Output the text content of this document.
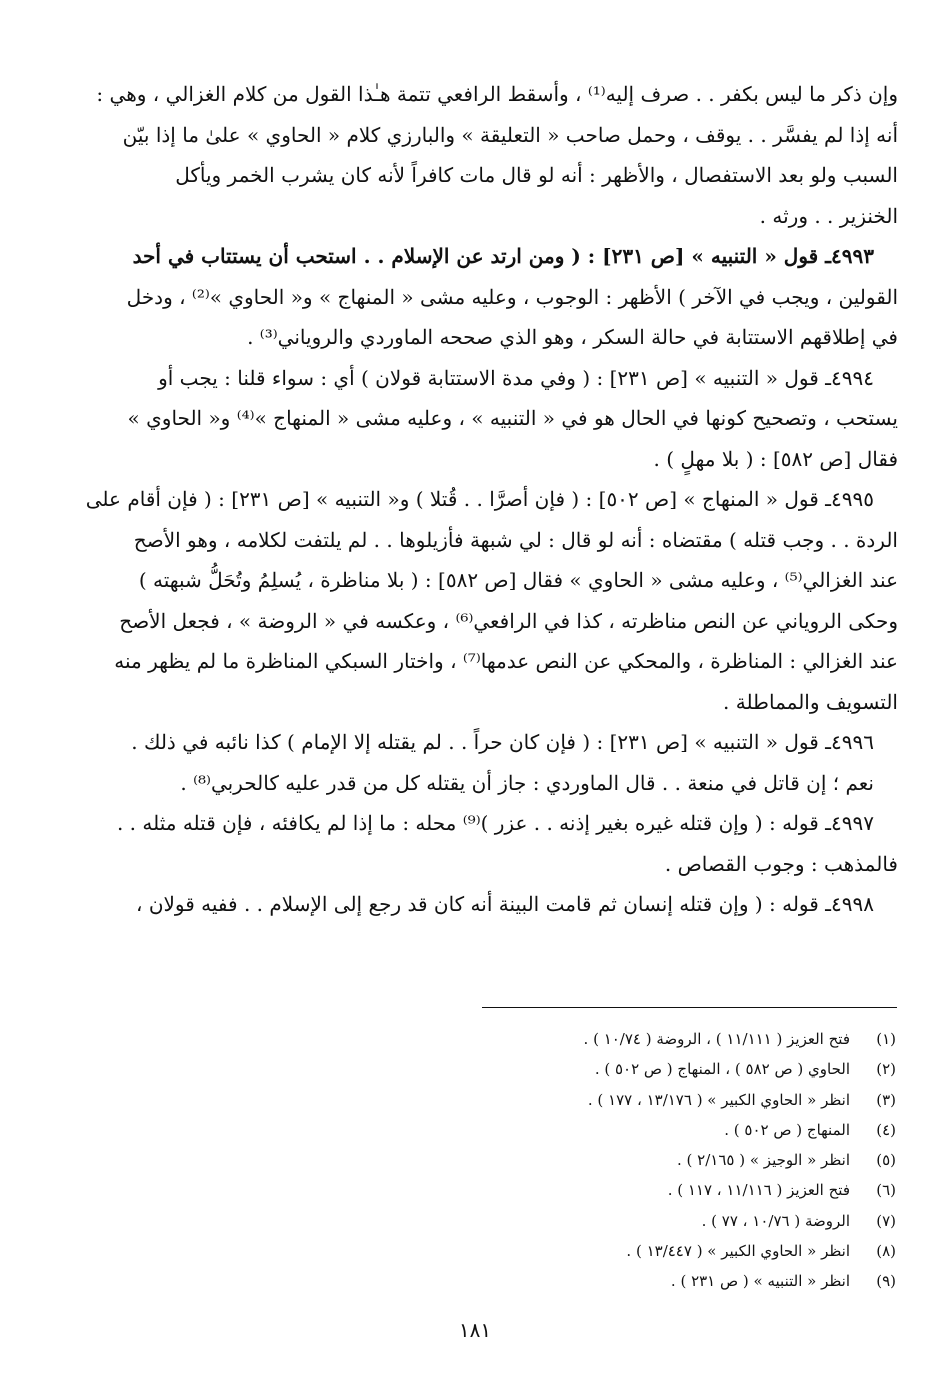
وإن ذكر ما ليس بكفر . . صرف إليه⁽¹⁾ ، وأسقط الرافعي تتمة هـٰذا القول من كلام الغزالي ، وهي :
أنه إذا لم يفسَّر . . يوقف ، وحمل صاحب « التعليقة » والبارزي كلام « الحاوي » علىٰ ما إذا بيّن
السبب ولو بعد الاستفصال ، والأظهر : أنه لو قال مات كافراً لأنه كان يشرب الخمر ويأكل
الخنزير . . ورثه .
٤٩٩٣ـ قول « التنبيه » [ص ٢٣١] : ( ومن ارتد عن الإسلام . . استحب أن يستتاب في أحد
القولين ، ويجب في الآخر ) الأظهر : الوجوب ، وعليه مشى « المنهاج » و« الحاوي »⁽²⁾ ، ودخل
في إطلاقهم الاستتابة في حالة السكر ، وهو الذي صححه الماوردي والروياني⁽³⁾ .
٤٩٩٤ـ قول « التنبيه » [ص ٢٣١] : ( وفي مدة الاستتابة قولان ) أي : سواء قلنا : يجب أو
يستحب ، وتصحيح كونها في الحال هو في « التنبيه » ، وعليه مشى « المنهاج »⁽⁴⁾ و« الحاوي »
فقال [ص ٥٨٢] : ( بلا مهلٍ ) .
٤٩٩٥ـ قول « المنهاج » [ص ٥٠٢] : ( فإن أصرَّا . . قُتلا ) و« التنبيه » [ص ٢٣١] : ( فإن أقام على
الردة . . وجب قتله ) مقتضاه : أنه لو قال : لي شبهة فأزيلوها . . لم يلتفت لكلامه ، وهو الأصح
عند الغزالي⁽⁵⁾ ، وعليه مشى « الحاوي » فقال [ص ٥٨٢] : ( بلا مناظرة ، يُسلِمُ وتُحَلُّ شبهته )
وحكى الروياني عن النص مناظرته ، كذا في الرافعي⁽⁶⁾ ، وعكسه في « الروضة » ، فجعل الأصح
عند الغزالي : المناظرة ، والمحكي عن النص عدمها⁽⁷⁾ ، واختار السبكي المناظرة ما لم يظهر منه
التسويف والمماطلة .
٤٩٩٦ـ قول « التنبيه » [ص ٢٣١] : ( فإن كان حراً . . لم يقتله إلا الإمام ) كذا نائبه في ذلك .
نعم ؛ إن قاتل في منعة . . قال الماوردي : جاز أن يقتله كل من قدر عليه كالحربي⁽⁸⁾ .
٤٩٩٧ـ قوله : ( وإن قتله غيره بغير إذنه . . عزر )⁽⁹⁾ محله : ما إذا لم يكافئه ، فإن قتله مثله . .
فالمذهب : وجوب القصاص .
٤٩٩٨ـ قوله : ( وإن قتله إنسان ثم قامت البينة أنه كان قد رجع إلى الإسلام . . ففيه قولان ،
(١)
فتح العزيز ( ١١/١١١ ) ، الروضة ( ١٠/٧٤ ) .
(٢)
الحاوي ( ص ٥٨٢ ) ، المنهاج ( ص ٥٠٢ ) .
(٣)
انظر « الحاوي الكبير » ( ١٣/١٧٦ ، ١٧٧ ) .
(٤)
المنهاج ( ص ٥٠٢ ) .
(٥)
انظر « الوجيز » ( ٢/١٦٥ ) .
(٦)
فتح العزيز ( ١١/١١٦ ، ١١٧ ) .
(٧)
الروضة ( ١٠/٧٦ ، ٧٧ ) .
(٨)
انظر « الحاوي الكبير » ( ١٣/٤٤٧ ) .
(٩)
انظر « التنبيه » ( ص ٢٣١ ) .
١٨١
